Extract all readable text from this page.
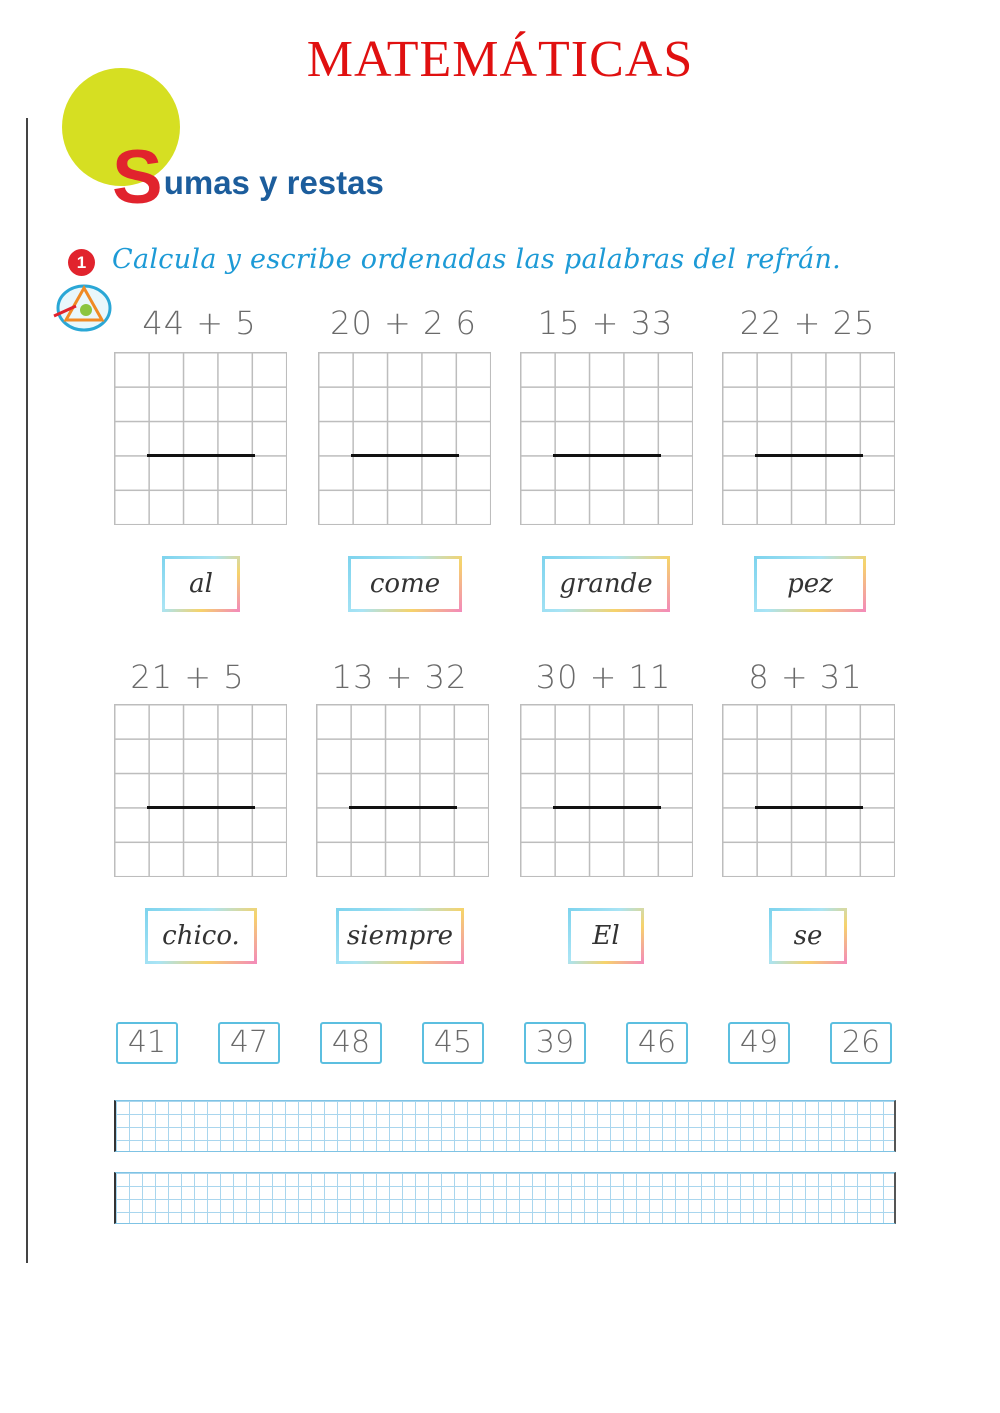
MATEMÁTICAS
Sumas y restas
1 Calcula y escribe ordenadas las palabras del refrán.
44 + 5	20 + 2 6	15 + 33	22 + 25
al	come	grande	pez
21 + 5	13 + 32	30 + 11	8 + 31
chico.	siempre	El	se
41	47	48	45	39	46	49	26
